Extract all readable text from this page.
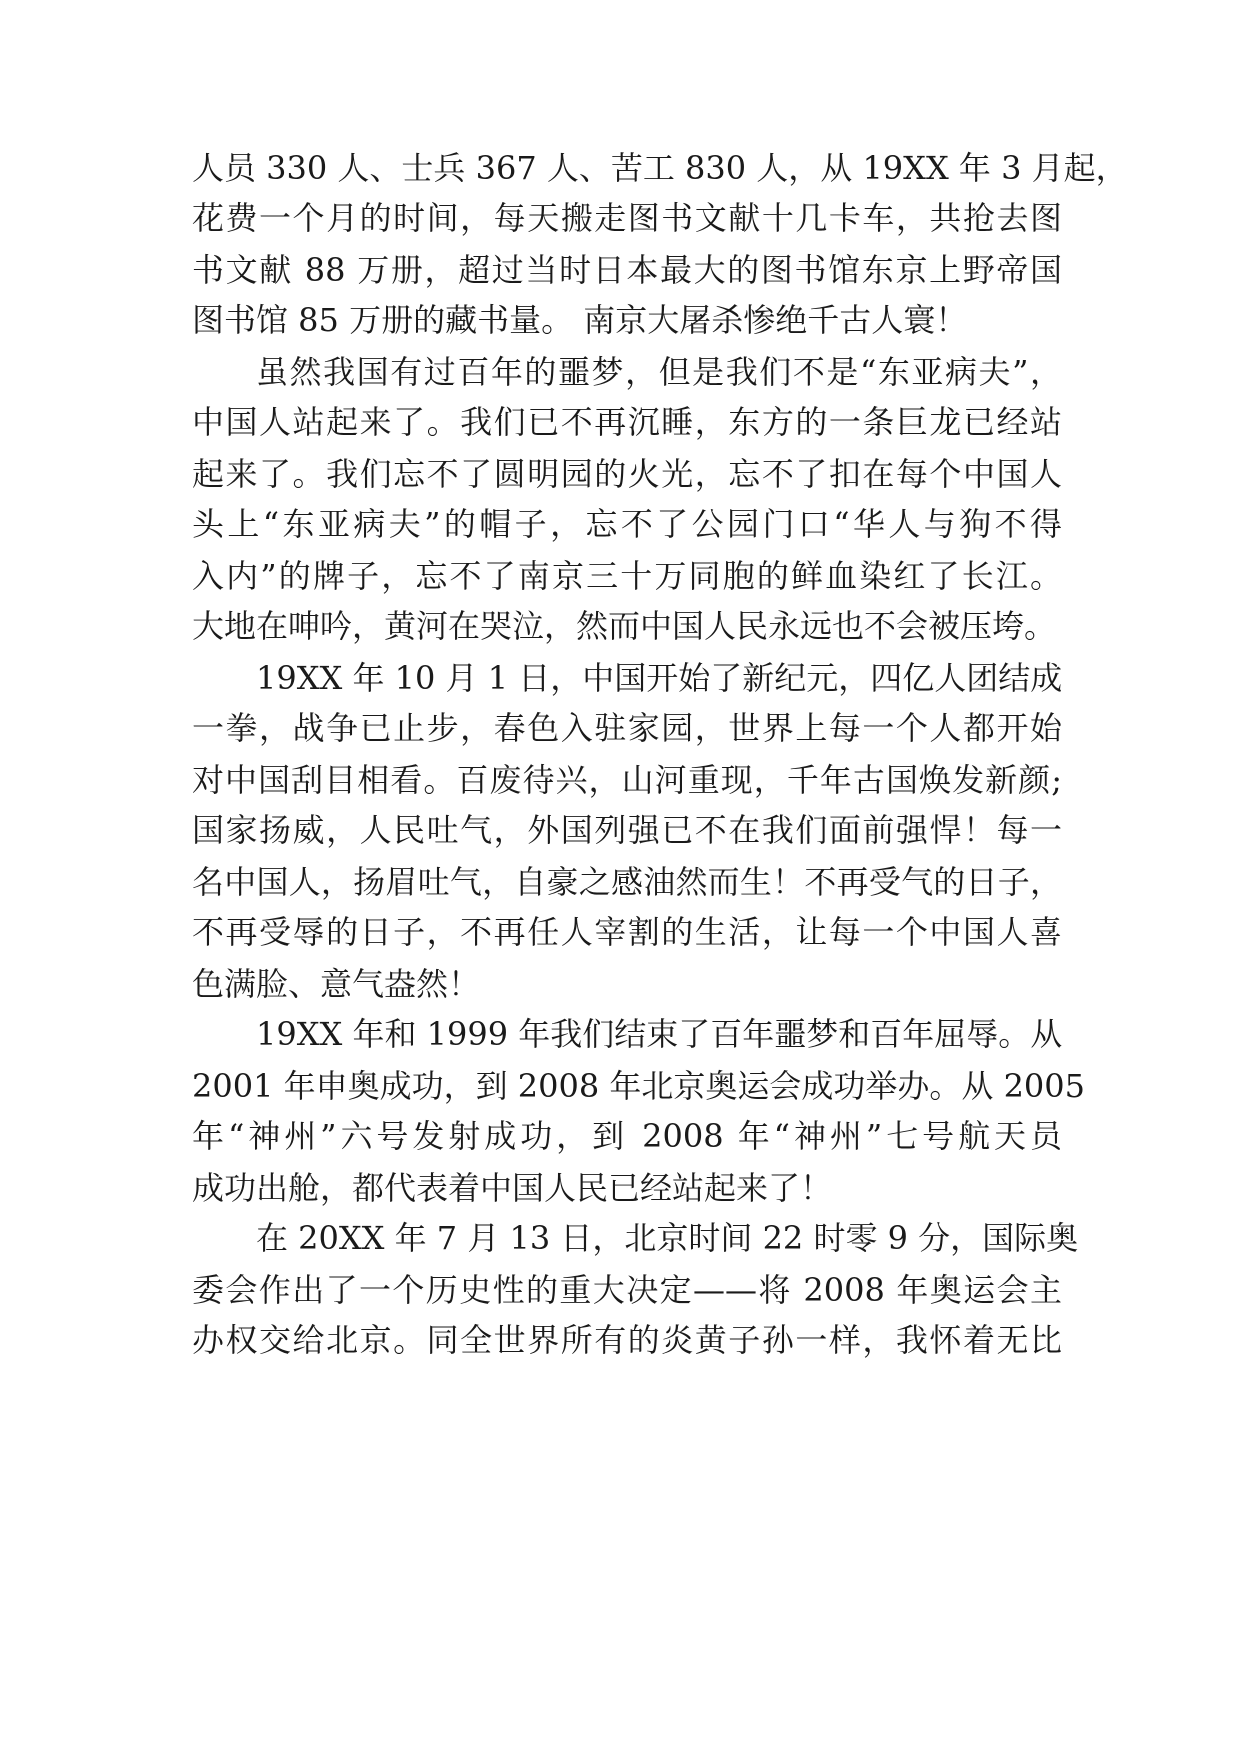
人员 330 人、士兵 367 人、苦工 830 人，从 19XX 年 3 月起，
花费一个月的时间，每天搬走图书文献十几卡车，共抢去图
书文献 88 万册，超过当时日本最大的图书馆东京上野帝国
图书馆 85 万册的藏书量。 南京大屠杀惨绝千古人寰！
虽然我国有过百年的噩梦，但是我们不是“东亚病夫”，
中国人站起来了。我们已不再沉睡，东方的一条巨龙已经站
起来了。我们忘不了圆明园的火光，忘不了扣在每个中国人
头上“东亚病夫”的帽子，忘不了公园门口“华人与狗不得
入内”的牌子，忘不了南京三十万同胞的鲜血染红了长江。
大地在呻吟，黄河在哭泣，然而中国人民永远也不会被压垮。
19XX 年 10 月 1 日，中国开始了新纪元，四亿人团结成
一拳，战争已止步，春色入驻家园，世界上每一个人都开始
对中国刮目相看。百废待兴，山河重现，千年古国焕发新颜;
国家扬威，人民吐气，外国列强已不在我们面前强悍！每一
名中国人，扬眉吐气，自豪之感油然而生！不再受气的日子，
不再受辱的日子，不再任人宰割的生活，让每一个中国人喜
色满脸、意气盎然！
19XX 年和 1999 年我们结束了百年噩梦和百年屈辱。从
2001 年申奥成功，到 2008 年北京奥运会成功举办。从 2005
年“神州”六号发射成功，到 2008 年“神州”七号航天员
成功出舱，都代表着中国人民已经站起来了！
在 20XX 年 7 月 13 日，北京时间 22 时零 9 分，国际奥
委会作出了一个历史性的重大决定——将 2008 年奥运会主
办权交给北京。同全世界所有的炎黄子孙一样，我怀着无比
